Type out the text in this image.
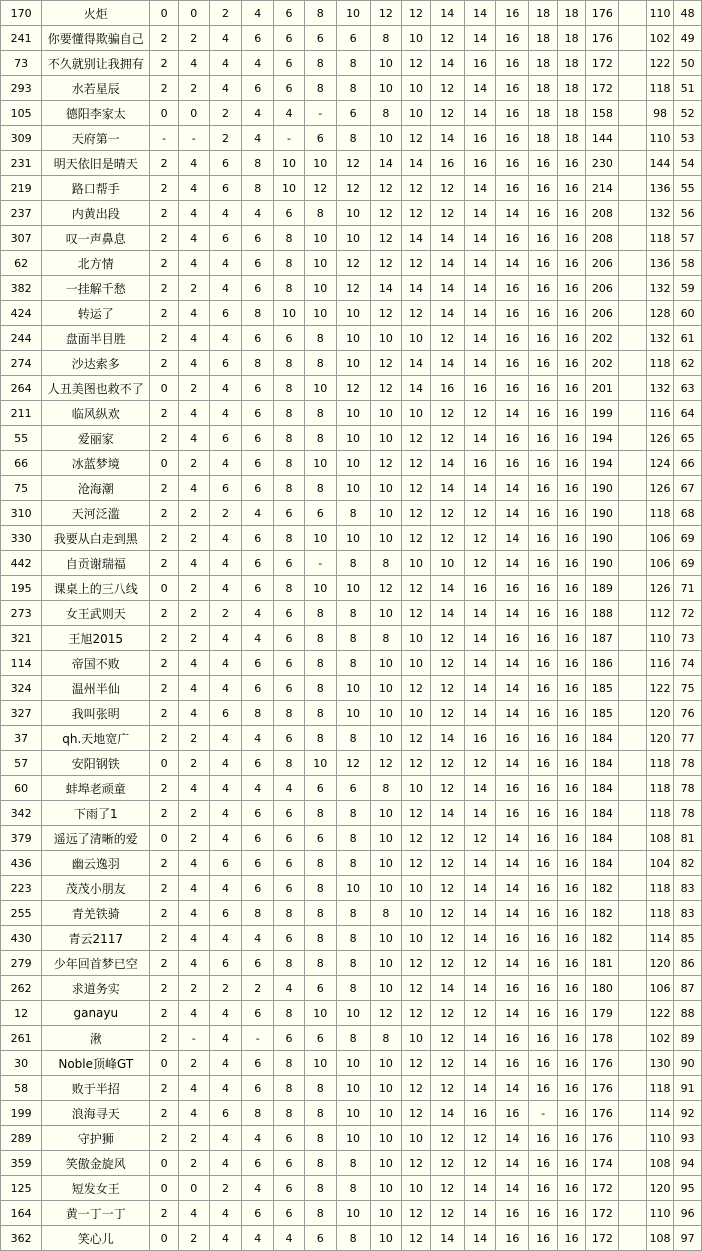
170	火炬	0	0	2	4	6	8	10	12	12	14	14	16	18	18	176		110	48
241	你要懂得欺骗自己	2	2	4	6	6	6	6	8	10	12	14	16	18	18	176		102	49
73	不久就别让我拥有	2	4	4	4	6	8	8	10	12	14	16	16	18	18	172		122	50
293	水若星辰	2	2	4	6	6	8	8	10	10	12	14	16	18	18	172		118	51
105	德阳李家太	0	0	2	4	4	-	6	8	10	12	14	16	18	18	158		98	52
309	天府第一	-	-	2	4	-	6	8	10	12	14	16	16	18	18	144		110	53
231	明天依旧是晴天	2	4	6	8	10	10	12	14	14	16	16	16	16	16	230		144	54
219	路口帮手	2	4	6	8	10	12	12	12	12	12	14	16	16	16	214		136	55
237	内黄出段	2	4	4	4	6	8	10	12	12	12	14	14	16	16	208		132	56
307	叹一声鼻息	2	4	6	6	8	10	10	12	14	14	14	16	16	16	208		118	57
62	北方情	2	4	4	6	8	10	12	12	12	14	14	14	16	16	206		136	58
382	一挂解千愁	2	2	4	6	8	10	12	14	14	14	14	16	16	16	206		132	59
424	转运了	2	4	6	8	10	10	10	12	12	14	14	16	16	16	206		128	60
244	盘面半目胜	2	4	4	6	6	8	10	10	10	12	14	16	16	16	202		132	61
274	沙达索多	2	4	6	8	8	8	10	12	14	14	14	16	16	16	202		118	62
264	人丑美图也救不了	0	2	4	6	8	10	12	12	14	16	16	16	16	16	201		132	63
211	临风纵欢	2	4	4	6	8	8	10	10	10	12	12	14	16	16	199		116	64
55	爱丽家	2	4	6	6	8	8	10	10	12	12	14	16	16	16	194		126	65
66	冰蓝梦境	0	2	4	6	8	10	10	12	12	14	16	16	16	16	194		124	66
75	沧海潮	2	4	6	6	8	8	10	10	12	14	14	14	16	16	190		126	67
310	天河泛滥	2	2	2	4	6	6	8	10	12	12	12	14	16	16	190		118	68
330	我要从白走到黑	2	2	4	6	8	10	10	10	12	12	12	14	16	16	190		106	69
442	自贡谢瑞福	2	4	4	6	6	-	8	8	10	10	12	14	16	16	190		106	69
195	课桌上的三八线	0	2	4	6	8	10	10	12	12	14	16	16	16	16	189		126	71
273	女王武则天	2	2	2	4	6	8	8	10	12	14	14	14	16	16	188		112	72
321	王旭2015	2	2	4	4	6	8	8	8	10	12	14	16	16	16	187		110	73
114	帝国不败	2	4	4	6	6	8	8	10	10	12	14	14	16	16	186		116	74
324	温州半仙	2	4	4	6	6	8	10	10	12	12	14	14	16	16	185		122	75
327	我叫张明	2	4	6	8	8	8	10	10	10	12	14	14	16	16	185		120	76
37	qh.天地宽广	2	2	4	4	6	8	8	10	12	14	16	16	16	16	184		120	77
57	安阳钢铁	0	2	4	6	8	10	12	12	12	12	12	14	16	16	184		118	78
60	蚌埠老顽童	2	4	4	4	4	6	6	8	10	12	14	16	16	16	184		118	78
342	下雨了1	2	2	4	6	6	8	8	10	12	14	14	16	16	16	184		118	78
379	遥远了清晰的爱	0	2	4	6	6	6	8	10	12	12	12	14	16	16	184		108	81
436	幽云逸羽	2	4	6	6	6	8	8	10	12	12	14	14	16	16	184		104	82
223	茂茂小朋友	2	4	4	6	6	8	10	10	10	12	14	14	16	16	182		118	83
255	青羌铁骑	2	4	6	8	8	8	8	8	10	12	14	14	16	16	182		118	83
430	青云2117	2	4	4	4	6	8	8	10	10	12	14	16	16	16	182		114	85
279	少年回首梦已空	2	4	6	6	8	8	8	10	12	12	12	14	16	16	181		120	86
262	求道务实	2	2	2	2	4	6	8	10	12	14	14	16	16	16	180		106	87
12	ganayu	2	4	4	6	8	10	10	12	12	12	12	14	16	16	179		122	88
261	湫	2	-	4	-	6	6	8	8	10	12	14	16	16	16	178		102	89
30	Noble顶峰GT	0	2	4	6	8	10	10	10	12	12	14	16	16	16	176		130	90
58	败于半招	2	4	4	6	8	8	10	10	12	12	14	14	16	16	176		118	91
199	浪海寻天	2	4	6	8	8	8	10	10	12	14	16	16	-	16	176		114	92
289	守护狮	2	2	4	4	6	8	10	10	10	12	12	14	16	16	176		110	93
359	笑傲金旋风	0	2	4	6	6	8	8	10	12	12	12	14	16	16	174		108	94
125	短发女王	0	0	2	4	6	8	8	10	10	12	14	14	16	16	172		120	95
164	黄一丁一丁	2	4	4	6	6	8	10	10	12	12	14	16	16	16	172		110	96
362	笑心儿	0	2	4	4	4	6	8	10	12	14	14	16	16	16	172		108	97
